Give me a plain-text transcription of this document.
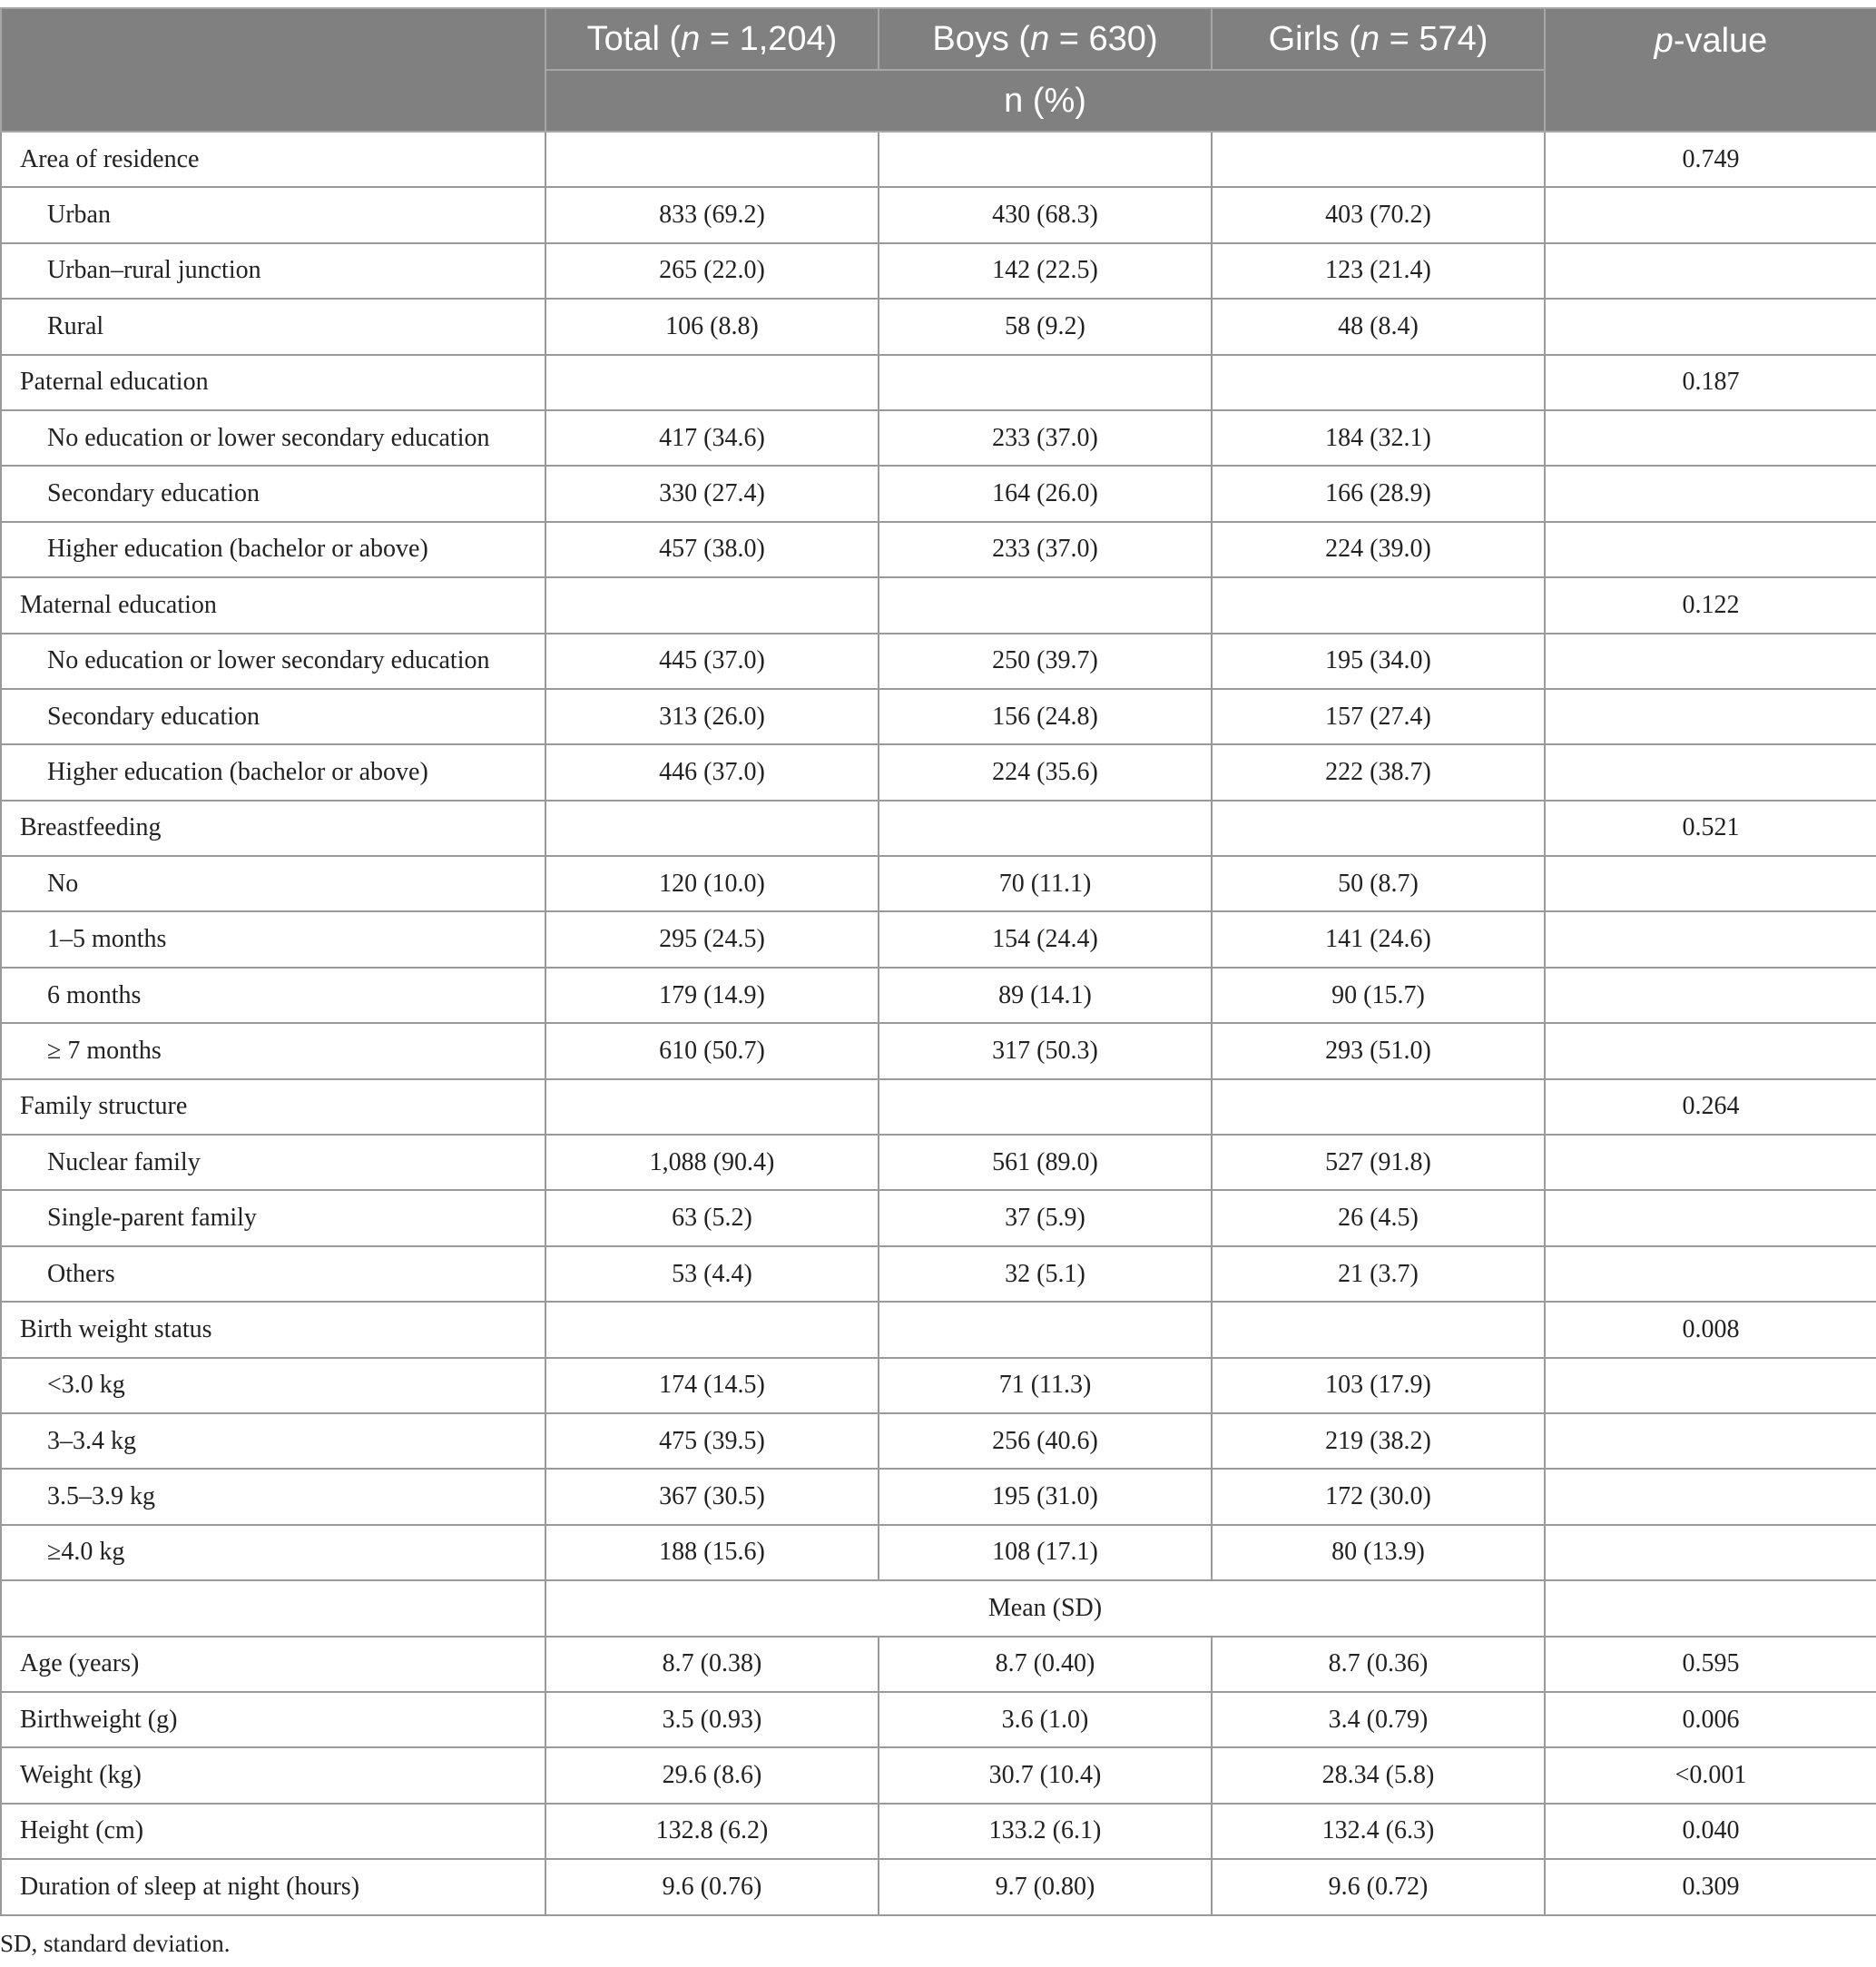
	Total (n = 1,204)	Boys (n = 630)	Girls (n = 574)	p-value
	n (%)			
Area of residence				0.749
Urban	833 (69.2)	430 (68.3)	403 (70.2)	
Urban–rural junction	265 (22.0)	142 (22.5)	123 (21.4)	
Rural	106 (8.8)	58 (9.2)	48 (8.4)	
Paternal education				0.187
No education or lower secondary education	417 (34.6)	233 (37.0)	184 (32.1)	
Secondary education	330 (27.4)	164 (26.0)	166 (28.9)	
Higher education (bachelor or above)	457 (38.0)	233 (37.0)	224 (39.0)	
Maternal education				0.122
No education or lower secondary education	445 (37.0)	250 (39.7)	195 (34.0)	
Secondary education	313 (26.0)	156 (24.8)	157 (27.4)	
Higher education (bachelor or above)	446 (37.0)	224 (35.6)	222 (38.7)	
Breastfeeding				0.521
No	120 (10.0)	70 (11.1)	50 (8.7)	
1–5 months	295 (24.5)	154 (24.4)	141 (24.6)	
6 months	179 (14.9)	89 (14.1)	90 (15.7)	
≥ 7 months	610 (50.7)	317 (50.3)	293 (51.0)	
Family structure				0.264
Nuclear family	1,088 (90.4)	561 (89.0)	527 (91.8)	
Single-parent family	63 (5.2)	37 (5.9)	26 (4.5)	
Others	53 (4.4)	32 (5.1)	21 (3.7)	
Birth weight status				0.008
<3.0 kg	174 (14.5)	71 (11.3)	103 (17.9)	
3–3.4 kg	475 (39.5)	256 (40.6)	219 (38.2)	
3.5–3.9 kg	367 (30.5)	195 (31.0)	172 (30.0)	
≥4.0 kg	188 (15.6)	108 (17.1)	80 (13.9)	
	Mean (SD)			
Age (years)	8.7 (0.38)	8.7 (0.40)	8.7 (0.36)	0.595
Birthweight (g)	3.5 (0.93)	3.6 (1.0)	3.4 (0.79)	0.006
Weight (kg)	29.6 (8.6)	30.7 (10.4)	28.34 (5.8)	<0.001
Height (cm)	132.8 (6.2)	133.2 (6.1)	132.4 (6.3)	0.040
Duration of sleep at night (hours)	9.6 (0.76)	9.7 (0.80)	9.6 (0.72)	0.309
SD, standard deviation.
